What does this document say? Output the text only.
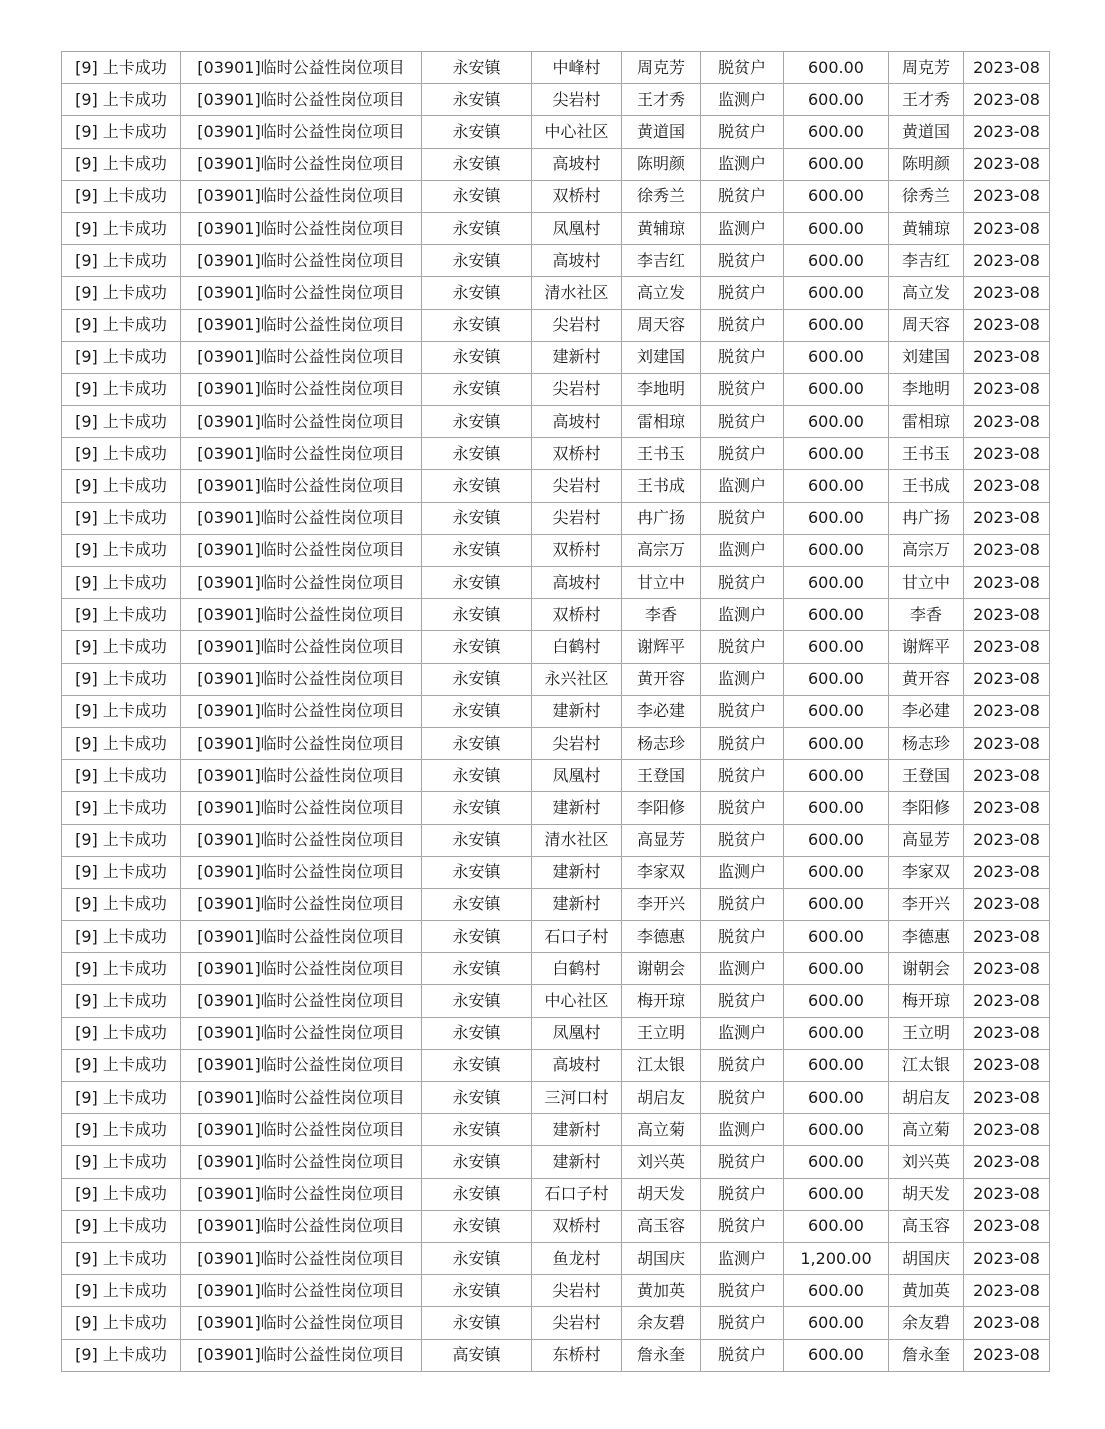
[9] 上卡成功	[03901]临时公益性岗位项目	永安镇	中峰村	周克芳	脱贫户	600.00	周克芳	2023-08
[9] 上卡成功	[03901]临时公益性岗位项目	永安镇	尖岩村	王才秀	监测户	600.00	王才秀	2023-08
[9] 上卡成功	[03901]临时公益性岗位项目	永安镇	中心社区	黄道国	脱贫户	600.00	黄道国	2023-08
[9] 上卡成功	[03901]临时公益性岗位项目	永安镇	高坡村	陈明颜	监测户	600.00	陈明颜	2023-08
[9] 上卡成功	[03901]临时公益性岗位项目	永安镇	双桥村	徐秀兰	脱贫户	600.00	徐秀兰	2023-08
[9] 上卡成功	[03901]临时公益性岗位项目	永安镇	凤凰村	黄辅琼	监测户	600.00	黄辅琼	2023-08
[9] 上卡成功	[03901]临时公益性岗位项目	永安镇	高坡村	李吉红	脱贫户	600.00	李吉红	2023-08
[9] 上卡成功	[03901]临时公益性岗位项目	永安镇	清水社区	高立发	脱贫户	600.00	高立发	2023-08
[9] 上卡成功	[03901]临时公益性岗位项目	永安镇	尖岩村	周天容	脱贫户	600.00	周天容	2023-08
[9] 上卡成功	[03901]临时公益性岗位项目	永安镇	建新村	刘建国	脱贫户	600.00	刘建国	2023-08
[9] 上卡成功	[03901]临时公益性岗位项目	永安镇	尖岩村	李地明	脱贫户	600.00	李地明	2023-08
[9] 上卡成功	[03901]临时公益性岗位项目	永安镇	高坡村	雷相琼	脱贫户	600.00	雷相琼	2023-08
[9] 上卡成功	[03901]临时公益性岗位项目	永安镇	双桥村	王书玉	脱贫户	600.00	王书玉	2023-08
[9] 上卡成功	[03901]临时公益性岗位项目	永安镇	尖岩村	王书成	监测户	600.00	王书成	2023-08
[9] 上卡成功	[03901]临时公益性岗位项目	永安镇	尖岩村	冉广扬	脱贫户	600.00	冉广扬	2023-08
[9] 上卡成功	[03901]临时公益性岗位项目	永安镇	双桥村	高宗万	监测户	600.00	高宗万	2023-08
[9] 上卡成功	[03901]临时公益性岗位项目	永安镇	高坡村	甘立中	脱贫户	600.00	甘立中	2023-08
[9] 上卡成功	[03901]临时公益性岗位项目	永安镇	双桥村	李香	监测户	600.00	李香	2023-08
[9] 上卡成功	[03901]临时公益性岗位项目	永安镇	白鹤村	谢辉平	脱贫户	600.00	谢辉平	2023-08
[9] 上卡成功	[03901]临时公益性岗位项目	永安镇	永兴社区	黄开容	监测户	600.00	黄开容	2023-08
[9] 上卡成功	[03901]临时公益性岗位项目	永安镇	建新村	李必建	脱贫户	600.00	李必建	2023-08
[9] 上卡成功	[03901]临时公益性岗位项目	永安镇	尖岩村	杨志珍	脱贫户	600.00	杨志珍	2023-08
[9] 上卡成功	[03901]临时公益性岗位项目	永安镇	凤凰村	王登国	脱贫户	600.00	王登国	2023-08
[9] 上卡成功	[03901]临时公益性岗位项目	永安镇	建新村	李阳修	脱贫户	600.00	李阳修	2023-08
[9] 上卡成功	[03901]临时公益性岗位项目	永安镇	清水社区	高显芳	脱贫户	600.00	高显芳	2023-08
[9] 上卡成功	[03901]临时公益性岗位项目	永安镇	建新村	李家双	监测户	600.00	李家双	2023-08
[9] 上卡成功	[03901]临时公益性岗位项目	永安镇	建新村	李开兴	脱贫户	600.00	李开兴	2023-08
[9] 上卡成功	[03901]临时公益性岗位项目	永安镇	石口子村	李德惠	脱贫户	600.00	李德惠	2023-08
[9] 上卡成功	[03901]临时公益性岗位项目	永安镇	白鹤村	谢朝会	监测户	600.00	谢朝会	2023-08
[9] 上卡成功	[03901]临时公益性岗位项目	永安镇	中心社区	梅开琼	脱贫户	600.00	梅开琼	2023-08
[9] 上卡成功	[03901]临时公益性岗位项目	永安镇	凤凰村	王立明	监测户	600.00	王立明	2023-08
[9] 上卡成功	[03901]临时公益性岗位项目	永安镇	高坡村	江太银	脱贫户	600.00	江太银	2023-08
[9] 上卡成功	[03901]临时公益性岗位项目	永安镇	三河口村	胡启友	脱贫户	600.00	胡启友	2023-08
[9] 上卡成功	[03901]临时公益性岗位项目	永安镇	建新村	高立菊	监测户	600.00	高立菊	2023-08
[9] 上卡成功	[03901]临时公益性岗位项目	永安镇	建新村	刘兴英	脱贫户	600.00	刘兴英	2023-08
[9] 上卡成功	[03901]临时公益性岗位项目	永安镇	石口子村	胡天发	脱贫户	600.00	胡天发	2023-08
[9] 上卡成功	[03901]临时公益性岗位项目	永安镇	双桥村	高玉容	脱贫户	600.00	高玉容	2023-08
[9] 上卡成功	[03901]临时公益性岗位项目	永安镇	鱼龙村	胡国庆	监测户	1,200.00	胡国庆	2023-08
[9] 上卡成功	[03901]临时公益性岗位项目	永安镇	尖岩村	黄加英	脱贫户	600.00	黄加英	2023-08
[9] 上卡成功	[03901]临时公益性岗位项目	永安镇	尖岩村	余友碧	脱贫户	600.00	余友碧	2023-08
[9] 上卡成功	[03901]临时公益性岗位项目	高安镇	东桥村	詹永奎	脱贫户	600.00	詹永奎	2023-08
